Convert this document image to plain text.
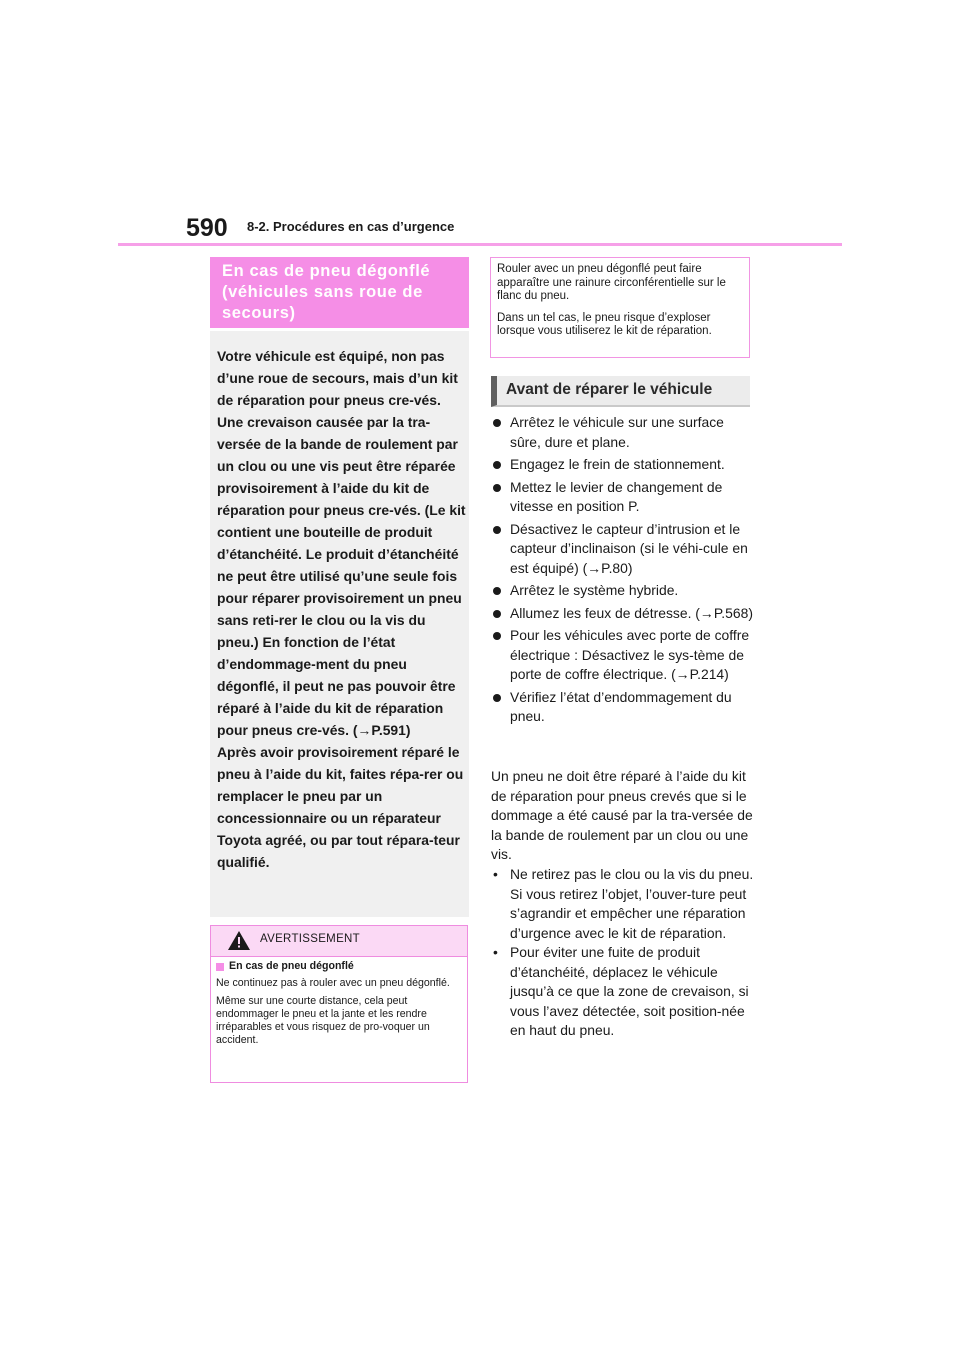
590 8-2. Procédures en cas d’urgence
En cas de pneu dégonflé (véhicules sans roue de secours)

Votre véhicule est équipé, non pas d’une roue de secours, mais d’un kit de réparation pour pneus cre-vés.

Une crevaison causée par la tra-versée de la bande de roulement par un clou ou une vis peut être réparée provisoirement à l’aide du kit de réparation pour pneus cre-vés. (Le kit contient une bouteille de produit d’étanchéité. Le produit d’étanchéité ne peut être utilisé qu’une seule fois pour réparer provisoirement un pneu sans reti-rer le clou ou la vis du pneu.) En fonction de l’état d’endommage-ment du pneu dégonflé, il peut ne pas pouvoir être réparé à l’aide du kit de réparation pour pneus cre-vés. (→P.591)

Après avoir provisoirement réparé le pneu à l’aide du kit, faites répa-rer ou remplacer le pneu par un concessionnaire ou un réparateur Toyota agréé, ou par tout répara-teur qualifié.

AVERTISSEMENT
En cas de pneu dégonflé

Ne continuez pas à rouler avec un pneu dégonflé.

Même sur une courte distance, cela peut endommager le pneu et la jante et les rendre irréparables et vous risquez de pro-voquer un accident.

Rouler avec un pneu dégonflé peut faire apparaître une rainure circonférentielle sur le flanc du pneu.

Dans un tel cas, le pneu risque d’exploser lorsque vous utiliserez le kit de réparation.

Avant de réparer le véhicule
Arrêtez le véhicule sur une surface sûre, dure et plane.
Engagez le frein de stationnement.
Mettez le levier de changement de vitesse en position P.
Désactivez le capteur d’intrusion et le capteur d’inclinaison (si le véhi-cule en est équipé) (→P.80)
Arrêtez le système hybride.
Allumez les feux de détresse. (→P.568)
Pour les véhicules avec porte de coffre électrique : Désactivez le sys-tème de porte de coffre électrique. (→P.214)
Vérifiez l’état d’endommagement du pneu.

Un pneu ne doit être réparé à l’aide du kit de réparation pour pneus crevés que si le dommage a été causé par la tra-versée de la bande de roulement par un clou ou une vis.

• Ne retirez pas le clou ou la vis du pneu. Si vous retirez l’objet, l’ouver-ture peut s’agrandir et empêcher une réparation d’urgence avec le kit de réparation.
• Pour éviter une fuite de produit d’étanchéité, déplacez le véhicule jusqu’à ce que la zone de crevaison, si vous l’avez détectée, soit position-née en haut du pneu.
